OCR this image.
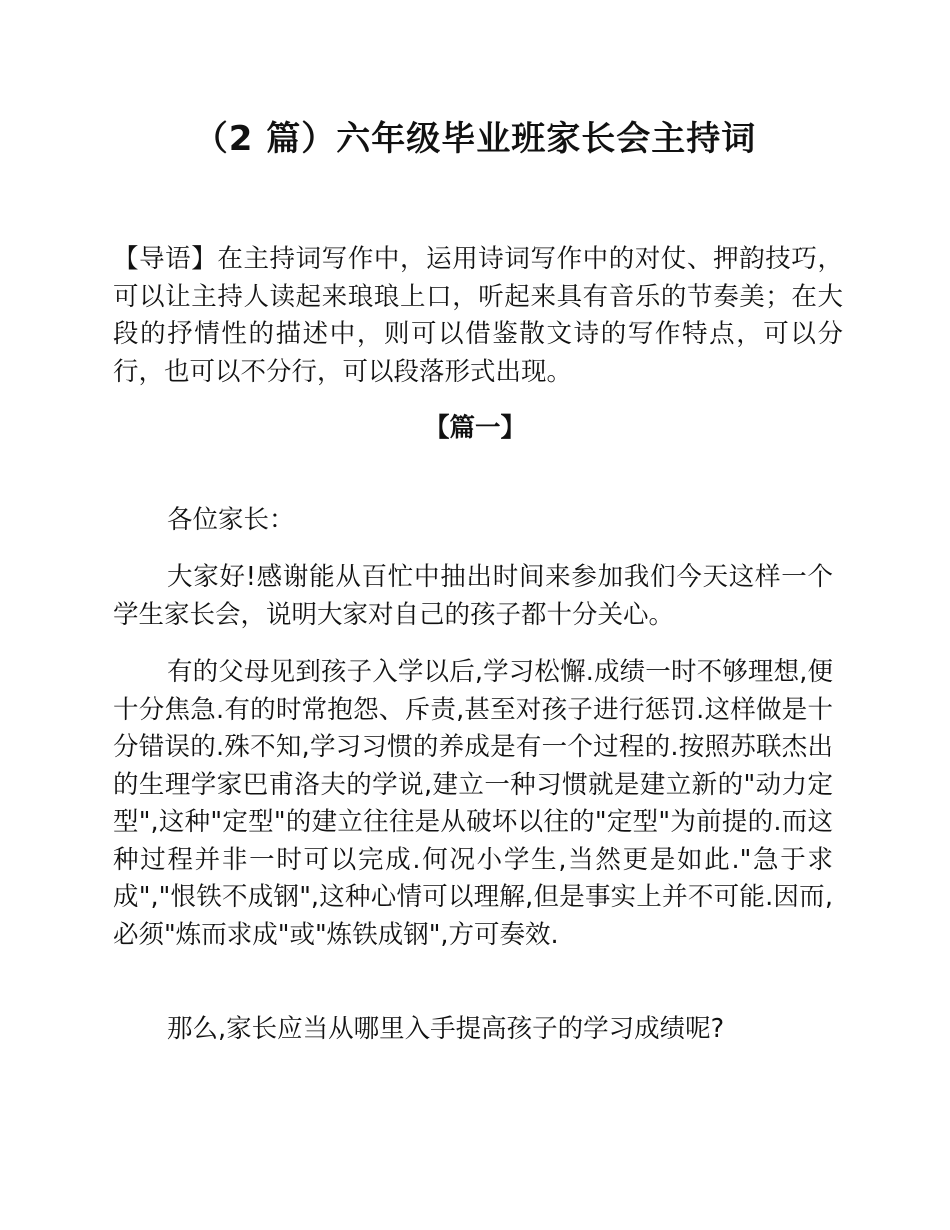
（2 篇）六年级毕业班家长会主持词
【导语】在主持词写作中，运用诗词写作中的对仗、押韵技巧，可以让主持人读起来琅琅上口，听起来具有音乐的节奏美；在大段的抒情性的描述中，则可以借鉴散文诗的写作特点，可以分行，也可以不分行，可以段落形式出现。
【篇一】
各位家长：
大家好!感谢能从百忙中抽出时间来参加我们今天这样一个学生家长会，说明大家对自己的孩子都十分关心。
有的父母见到孩子入学以后,学习松懈.成绩一时不够理想,便十分焦急.有的时常抱怨、斥责,甚至对孩子进行惩罚.这样做是十分错误的.殊不知,学习习惯的养成是有一个过程的.按照苏联杰出的生理学家巴甫洛夫的学说,建立一种习惯就是建立新的"动力定型",这种"定型"的建立往往是从破坏以往的"定型"为前提的.而这种过程并非一时可以完成.何况小学生,当然更是如此."急于求成","恨铁不成钢",这种心情可以理解,但是事实上并不可能.因而,必须"炼而求成"或"炼铁成钢",方可奏效.
那么,家长应当从哪里入手提高孩子的学习成绩呢?
